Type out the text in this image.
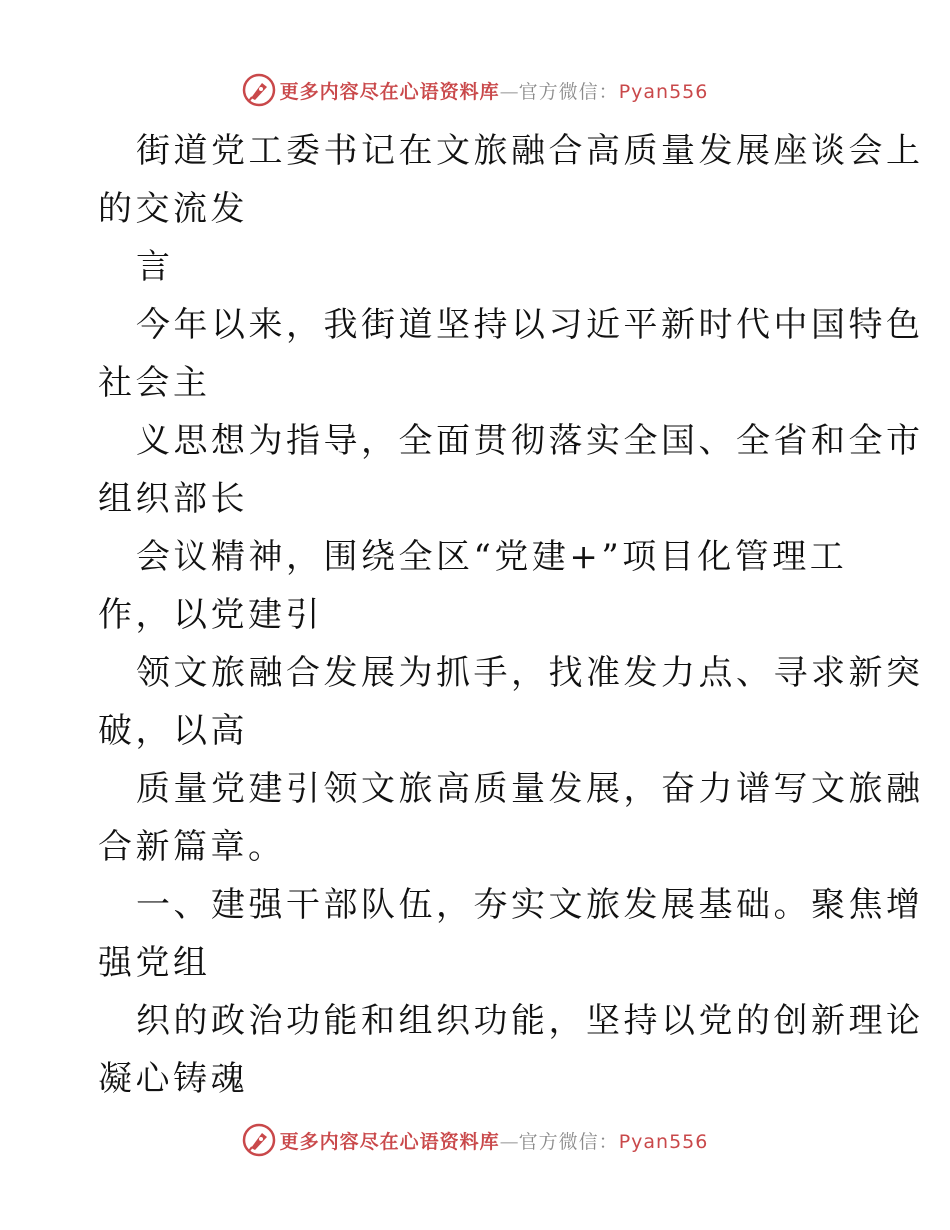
更多内容尽在心语资料库—官方微信：Pyan556
街道党工委书记在文旅融合高质量发展座谈会上
的交流发
言
今年以来，我街道坚持以习近平新时代中国特色
社会主
义思想为指导，全面贯彻落实全国、全省和全市
组织部长
会议精神，围绕全区“党建+”项目化管理工
作，以党建引
领文旅融合发展为抓手，找准发力点、寻求新突
破，以高
质量党建引领文旅高质量发展，奋力谱写文旅融
合新篇章。
一、建强干部队伍，夯实文旅发展基础。聚焦增
强党组
织的政治功能和组织功能，坚持以党的创新理论
凝心铸魂
更多内容尽在心语资料库—官方微信：Pyan556
